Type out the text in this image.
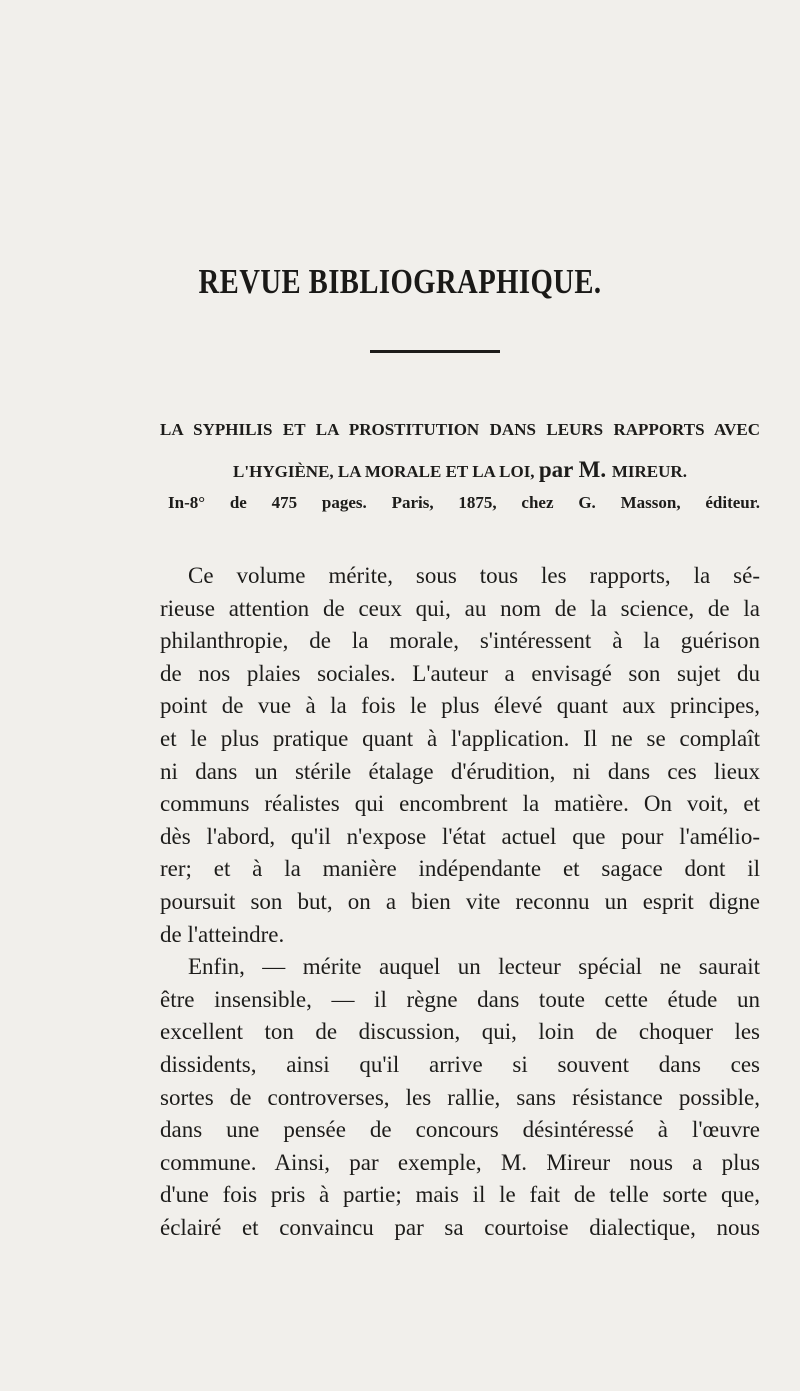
REVUE BIBLIOGRAPHIQUE.
LA SYPHILIS ET LA PROSTITUTION DANS LEURS RAPPORTS AVEC
L'HYGIÈNE, LA MORALE ET LA LOI, par M. MIREUR.
In-8° de 475 pages. Paris, 1875, chez G. Masson, éditeur.

Ce volume mérite, sous tous les rapports, la sé-
rieuse attention de ceux qui, au nom de la science, de la
philanthropie, de la morale, s'intéressent à la guérison
de nos plaies sociales. L'auteur a envisagé son sujet du
point de vue à la fois le plus élevé quant aux principes,
et le plus pratique quant à l'application. Il ne se complaît
ni dans un stérile étalage d'érudition, ni dans ces lieux
communs réalistes qui encombrent la matière. On voit, et
dès l'abord, qu'il n'expose l'état actuel que pour l'amélio-
rer; et à la manière indépendante et sagace dont il
poursuit son but, on a bien vite reconnu un esprit digne
de l'atteindre.

Enfin, — mérite auquel un lecteur spécial ne saurait
être insensible, — il règne dans toute cette étude un
excellent ton de discussion, qui, loin de choquer les
dissidents, ainsi qu'il arrive si souvent dans ces
sortes de controverses, les rallie, sans résistance possible,
dans une pensée de concours désintéressé à l'œuvre
commune. Ainsi, par exemple, M. Mireur nous a plus
d'une fois pris à partie; mais il le fait de telle sorte que,
éclairé et convaincu par sa courtoise dialectique, nous
